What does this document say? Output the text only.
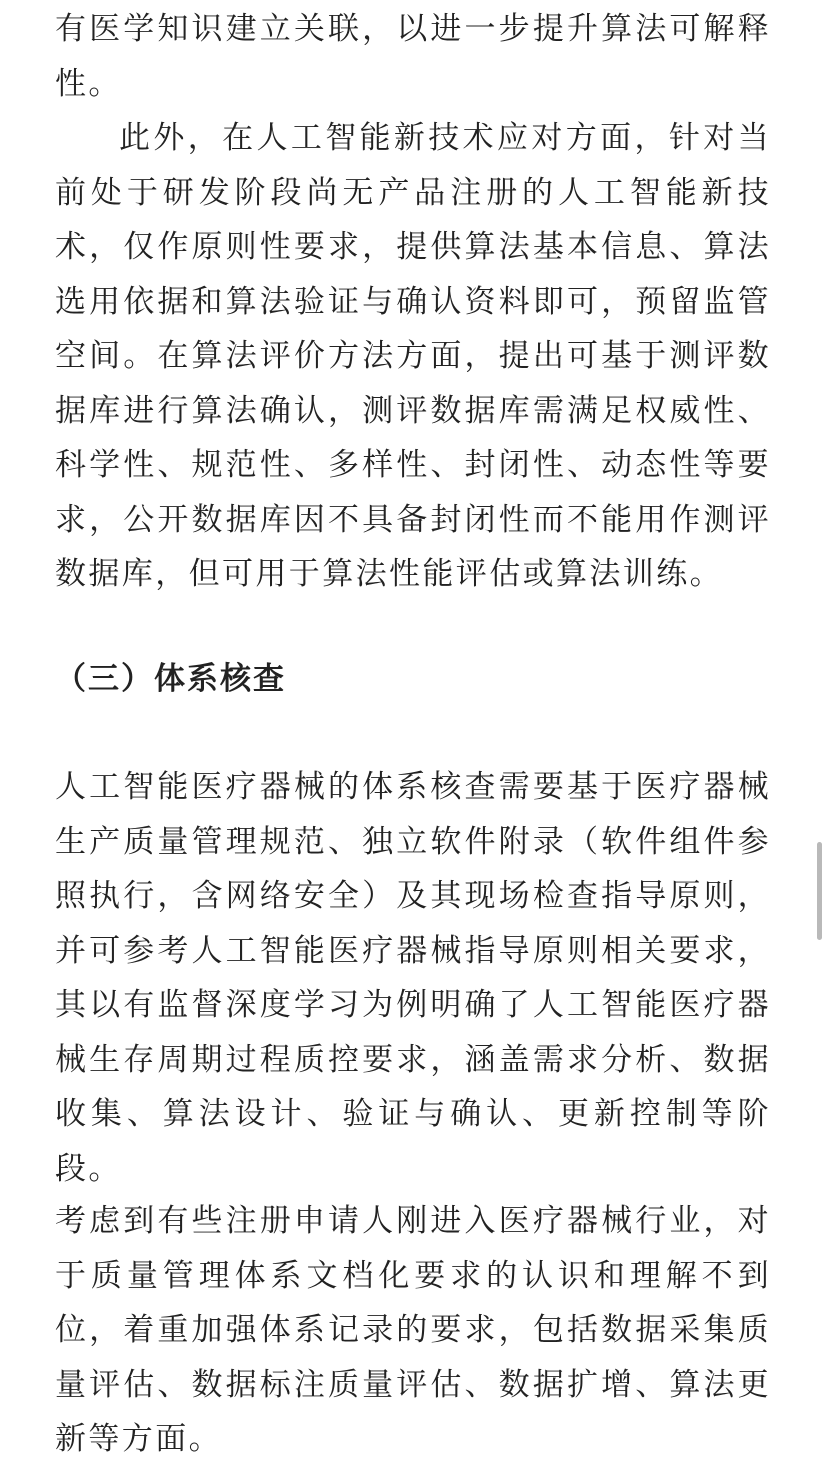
有医学知识建立关联，以进一步提升算法可解释性。

此外，在人工智能新技术应对方面，针对当前处于研发阶段尚无产品注册的人工智能新技术，仅作原则性要求，提供算法基本信息、算法选用依据和算法验证与确认资料即可，预留监管空间。在算法评价方法方面，提出可基于测评数据库进行算法确认，测评数据库需满足权威性、科学性、规范性、多样性、封闭性、动态性等要求，公开数据库因不具备封闭性而不能用作测评数据库，但可用于算法性能评估或算法训练。

（三）体系核查

人工智能医疗器械的体系核查需要基于医疗器械生产质量管理规范、独立软件附录（软件组件参照执行，含网络安全）及其现场检查指导原则，并可参考人工智能医疗器械指导原则相关要求，其以有监督深度学习为例明确了人工智能医疗器械生存周期过程质控要求，涵盖需求分析、数据收集、算法设计、验证与确认、更新控制等阶段。

考虑到有些注册申请人刚进入医疗器械行业，对于质量管理体系文档化要求的认识和理解不到位，着重加强体系记录的要求，包括数据采集质量评估、数据标注质量评估、数据扩增、算法更新等方面。
